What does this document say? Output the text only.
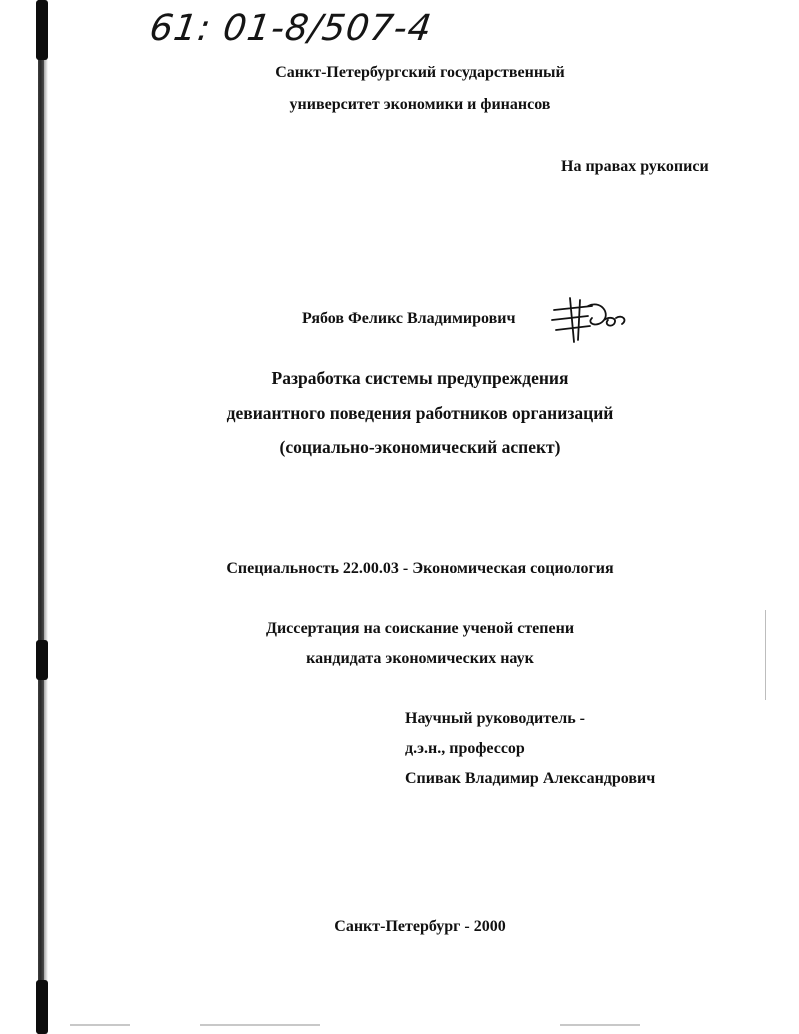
61: 01-8/507-4
Санкт-Петербургский государственный
университет экономики и финансов
На правах рукописи
Рябов Феликс Владимирович
Разработка системы предупреждения
девиантного поведения работников организаций
(социально-экономический аспект)
Специальность 22.00.03 - Экономическая социология
Диссертация на соискание ученой степени
кандидата экономических наук
Научный руководитель -
д.э.н., профессор
Спивак Владимир Александрович
Санкт-Петербург - 2000
